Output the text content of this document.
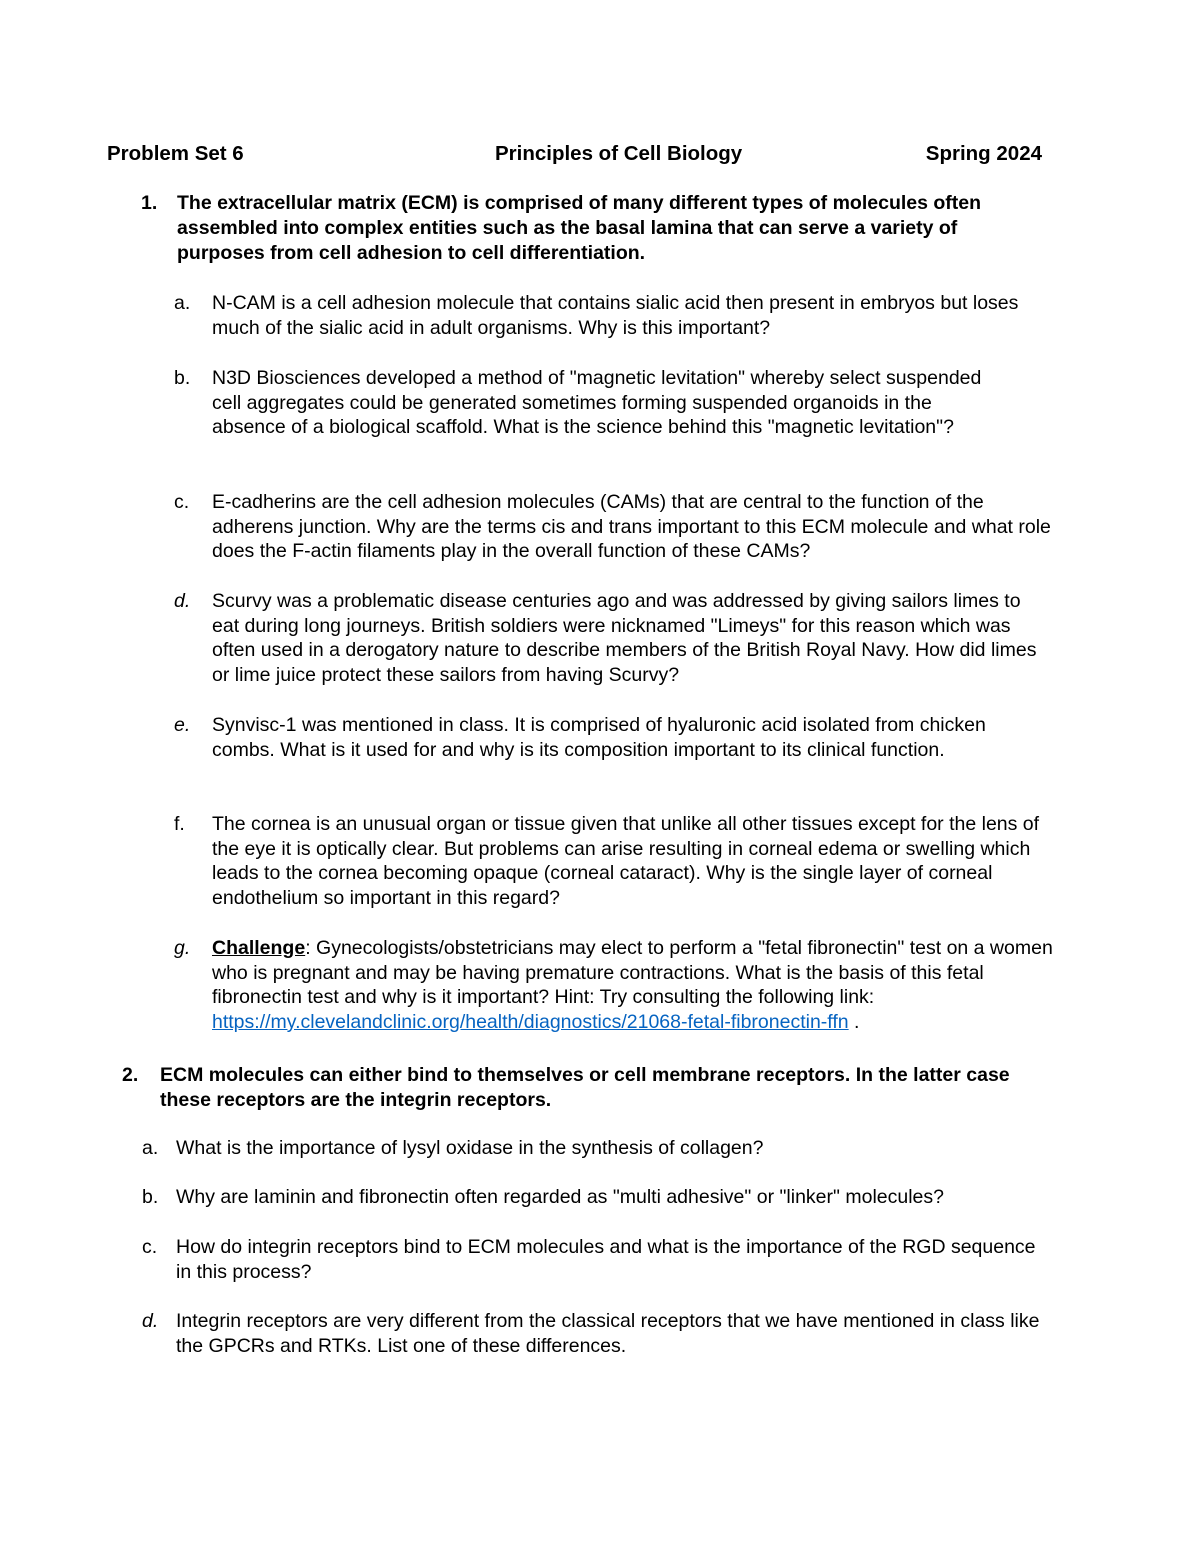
Problem Set 6	Principles of Cell Biology	Spring 2024
1. The extracellular matrix (ECM) is comprised of many different types of molecules often assembled into complex entities such as the basal lamina that can serve a variety of purposes from cell adhesion to cell differentiation.
a. N-CAM is a cell adhesion molecule that contains sialic acid then present in embryos but loses much of the sialic acid in adult organisms. Why is this important?
b. N3D Biosciences developed a method of "magnetic levitation" whereby select suspended cell aggregates could be generated sometimes forming suspended organoids in the absence of a biological scaffold. What is the science behind this "magnetic levitation"?
c. E-cadherins are the cell adhesion molecules (CAMs) that are central to the function of the adherens junction. Why are the terms cis and trans important to this ECM molecule and what role does the F-actin filaments play in the overall function of these CAMs?
d. Scurvy was a problematic disease centuries ago and was addressed by giving sailors limes to eat during long journeys. British soldiers were nicknamed "Limeys" for this reason which was often used in a derogatory nature to describe members of the British Royal Navy. How did limes or lime juice protect these sailors from having Scurvy?
e. Synvisc-1 was mentioned in class. It is comprised of hyaluronic acid isolated from chicken combs. What is it used for and why is its composition important to its clinical function.
f. The cornea is an unusual organ or tissue given that unlike all other tissues except for the lens of the eye it is optically clear. But problems can arise resulting in corneal edema or swelling which leads to the cornea becoming opaque (corneal cataract). Why is the single layer of corneal endothelium so important in this regard?
g. Challenge: Gynecologists/obstetricians may elect to perform a "fetal fibronectin" test on a women who is pregnant and may be having premature contractions. What is the basis of this fetal fibronectin test and why is it important? Hint: Try consulting the following link: https://my.clevelandclinic.org/health/diagnostics/21068-fetal-fibronectin-ffn .
2. ECM molecules can either bind to themselves or cell membrane receptors. In the latter case these receptors are the integrin receptors.
a. What is the importance of lysyl oxidase in the synthesis of collagen?
b. Why are laminin and fibronectin often regarded as "multi adhesive" or "linker" molecules?
c. How do integrin receptors bind to ECM molecules and what is the importance of the RGD sequence in this process?
d. Integrin receptors are very different from the classical receptors that we have mentioned in class like the GPCRs and RTKs. List one of these differences.
